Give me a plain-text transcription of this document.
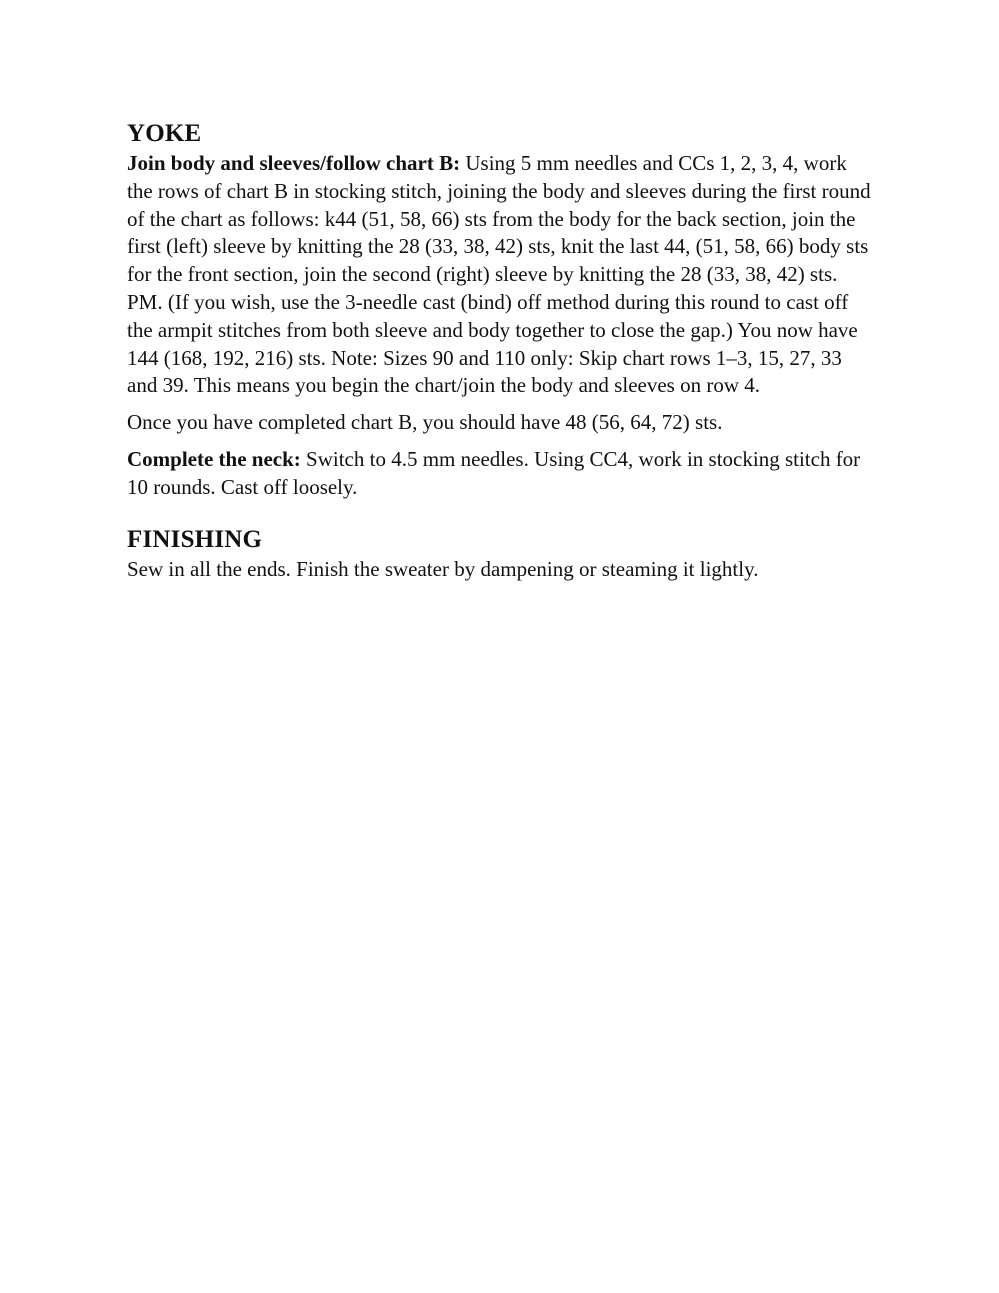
YOKE

Join body and sleeves/follow chart B: Using 5 mm needles and CCs 1, 2, 3, 4, work the rows of chart B in stocking stitch, joining the body and sleeves during the first round of the chart as follows: k44 (51, 58, 66) sts from the body for the back section, join the first (left) sleeve by knitting the 28 (33, 38, 42) sts, knit the last 44, (51, 58, 66) body sts for the front section, join the second (right) sleeve by knitting the 28 (33, 38, 42) sts. PM. (If you wish, use the 3-needle cast (bind) off method during this round to cast off the armpit stitches from both sleeve and body together to close the gap.) You now have 144 (168, 192, 216) sts. Note: Sizes 90 and 110 only: Skip chart rows 1–3, 15, 27, 33 and 39. This means you begin the chart/join the body and sleeves on row 4.

Once you have completed chart B, you should have 48 (56, 64, 72) sts.

Complete the neck: Switch to 4.5 mm needles. Using CC4, work in stocking stitch for 10 rounds. Cast off loosely.

FINISHING

Sew in all the ends. Finish the sweater by dampening or steaming it lightly.
